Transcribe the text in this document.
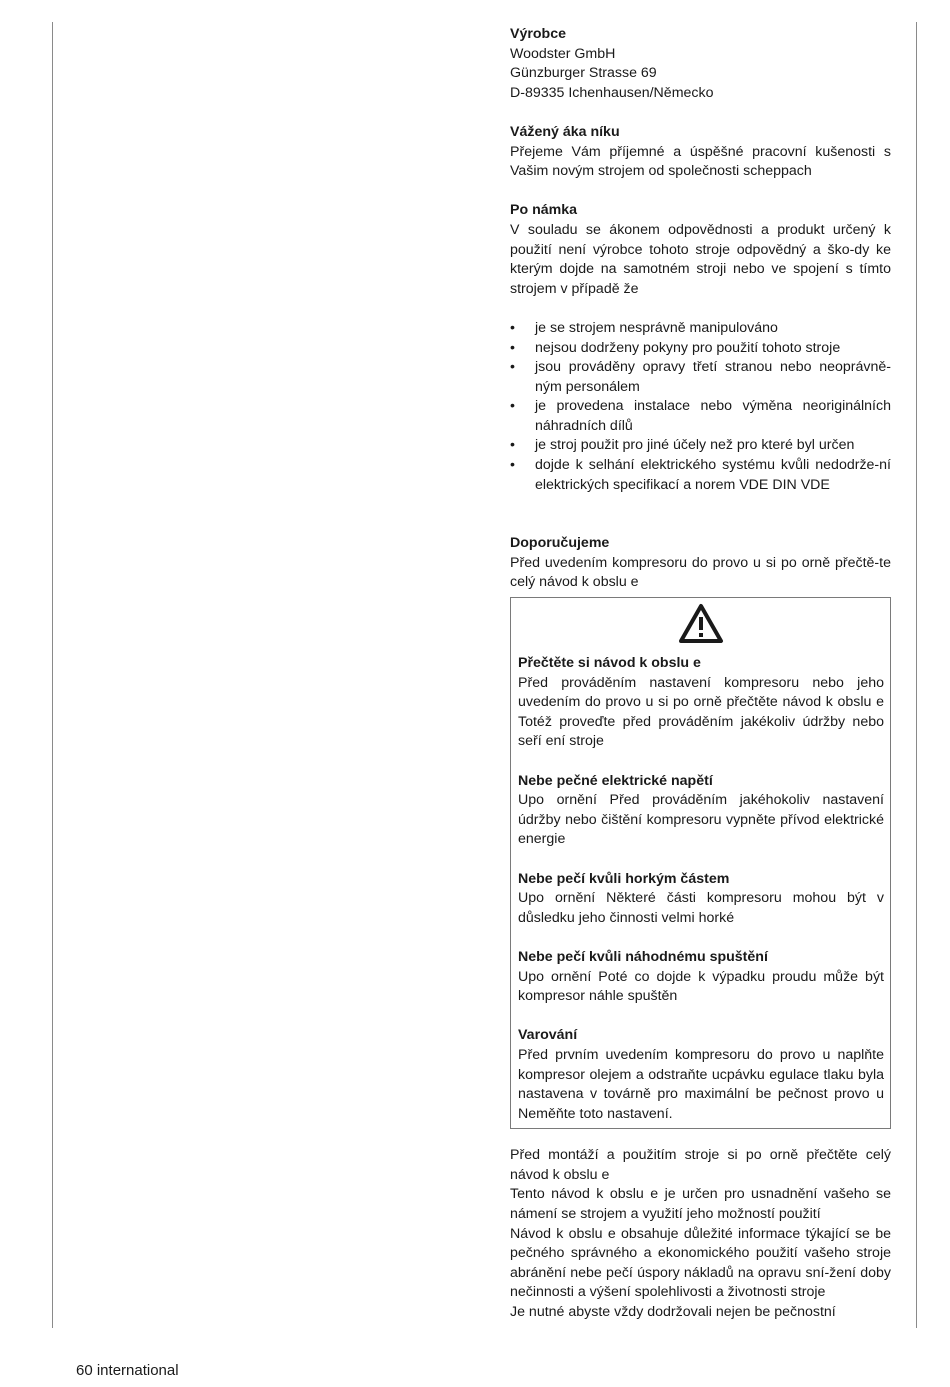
Výrobce

Woodster GmbH

Günzburger Strasse 69

D-89335 Ichenhausen/Německo

Vážený áka níku

Přejeme Vám příjemné a úspěšné pracovní kušenosti s Vašim novým strojem od společnosti scheppach

Po námka

V souladu se ákonem odpovědnosti a produkt určený k použití není výrobce tohoto stroje odpovědný a ško-dy ke kterým dojde na samotném stroji nebo ve spojení s tímto strojem v případě že

• je se strojem nesprávně manipulováno
• nejsou dodrženy pokyny pro použití tohoto stroje
• jsou prováděny opravy třetí stranou nebo neoprávně-ným personálem
• je provedena instalace nebo výměna neoriginálních náhradních dílů
• je stroj použit pro jiné účely než pro které byl určen
• dojde k selhání elektrického systému kvůli nedodrže-ní elektrických specifikací a norem VDE DIN VDE

Doporučujeme

Před uvedením kompresoru do provo u si po orně přečtě-te celý návod k obslu e

Přečtěte si návod k obslu e

Před prováděním nastavení kompresoru nebo jeho uvedením do provo u si po orně přečtěte návod k obslu e Totéž proveďte před prováděním jakékoliv údržby nebo seří ení stroje

Nebe pečné elektrické napětí

Upo ornění Před prováděním jakéhokoliv nastavení údržby nebo čištění kompresoru vypněte přívod elektrické energie

Nebe pečí kvůli horkým částem

Upo ornění Některé části kompresoru mohou být v důsledku jeho činnosti velmi horké

Nebe pečí kvůli náhodnému spuštění

Upo ornění Poté co dojde k výpadku proudu může být kompresor náhle spuštěn

Varování

Před prvním uvedením kompresoru do provo u naplňte kompresor olejem a odstraňte ucpávku egulace tlaku byla nastavena v továrně pro maximální be pečnost provo u Neměňte toto nastavení.

Před montáží a použitím stroje si po orně přečtěte celý návod k obslu e

Tento návod k obslu e je určen pro usnadnění vašeho se námení se strojem a využití jeho možností použití

Návod k obslu e obsahuje důležité informace týkající se be pečného správného a ekonomického použití vašeho stroje abránění nebe pečí úspory nákladů na opravu sní-žení doby nečinnosti a výšení spolehlivosti a životnosti stroje

Je nutné abyste vždy dodržovali nejen be pečnostní

60 international
